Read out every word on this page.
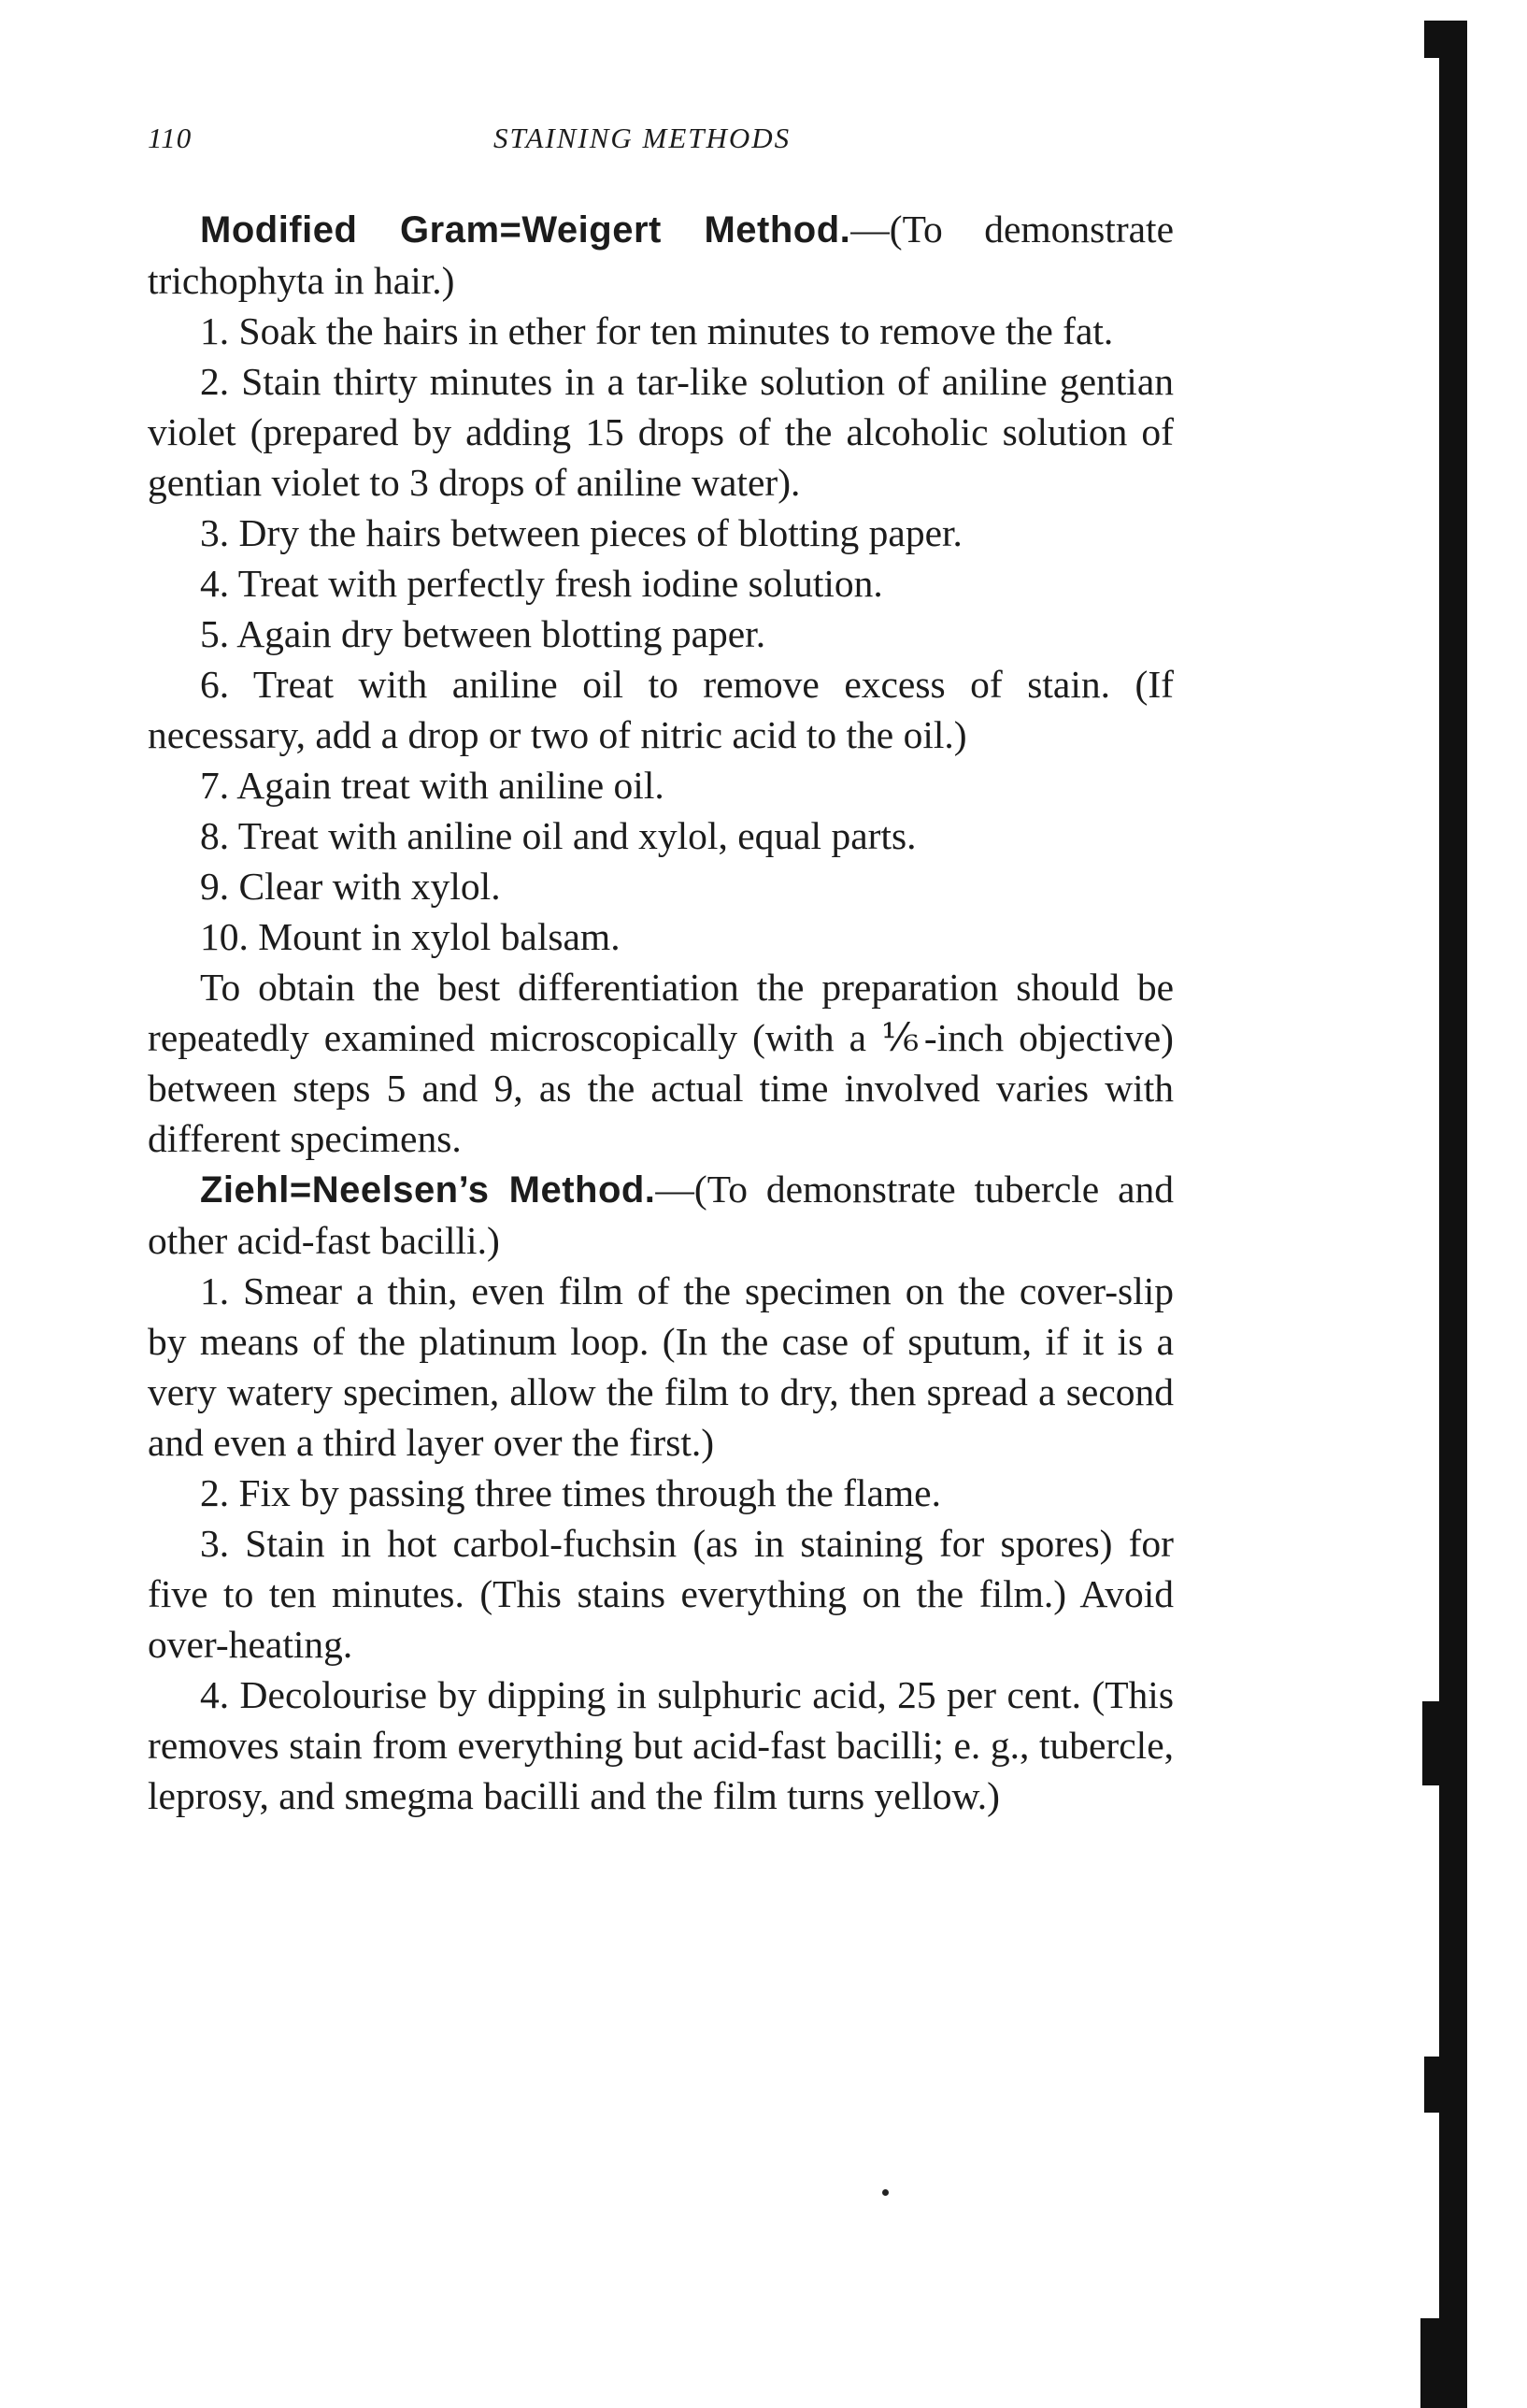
110	STAINING METHODS

Modified Gram=Weigert Method.—(To demonstrate trichophyta in hair.)

1. Soak the hairs in ether for ten minutes to remove the fat.

2. Stain thirty minutes in a tar-like solution of aniline gentian violet (prepared by adding 15 drops of the alcoholic solution of gentian violet to 3 drops of aniline water).

3. Dry the hairs between pieces of blotting paper.

4. Treat with perfectly fresh iodine solution.

5. Again dry between blotting paper.

6. Treat with aniline oil to remove excess of stain. (If necessary, add a drop or two of nitric acid to the oil.)

7. Again treat with aniline oil.

8. Treat with aniline oil and xylol, equal parts.

9. Clear with xylol.

10. Mount in xylol balsam.

To obtain the best differentiation the preparation should be repeatedly examined microscopically (with a ⅙-inch objective) between steps 5 and 9, as the actual time involved varies with different specimens.

Ziehl=Neelsen’s Method.—(To demonstrate tubercle and other acid-fast bacilli.)

1. Smear a thin, even film of the specimen on the cover-slip by means of the platinum loop. (In the case of sputum, if it is a very watery specimen, allow the film to dry, then spread a second and even a third layer over the first.)

2. Fix by passing three times through the flame.

3. Stain in hot carbol-fuchsin (as in staining for spores) for five to ten minutes. (This stains everything on the film.) Avoid over-heating.

4. Decolourise by dipping in sulphuric acid, 25 per cent. (This removes stain from everything but acid-fast bacilli; e. g., tubercle, leprosy, and smegma bacilli and the film turns yellow.)
